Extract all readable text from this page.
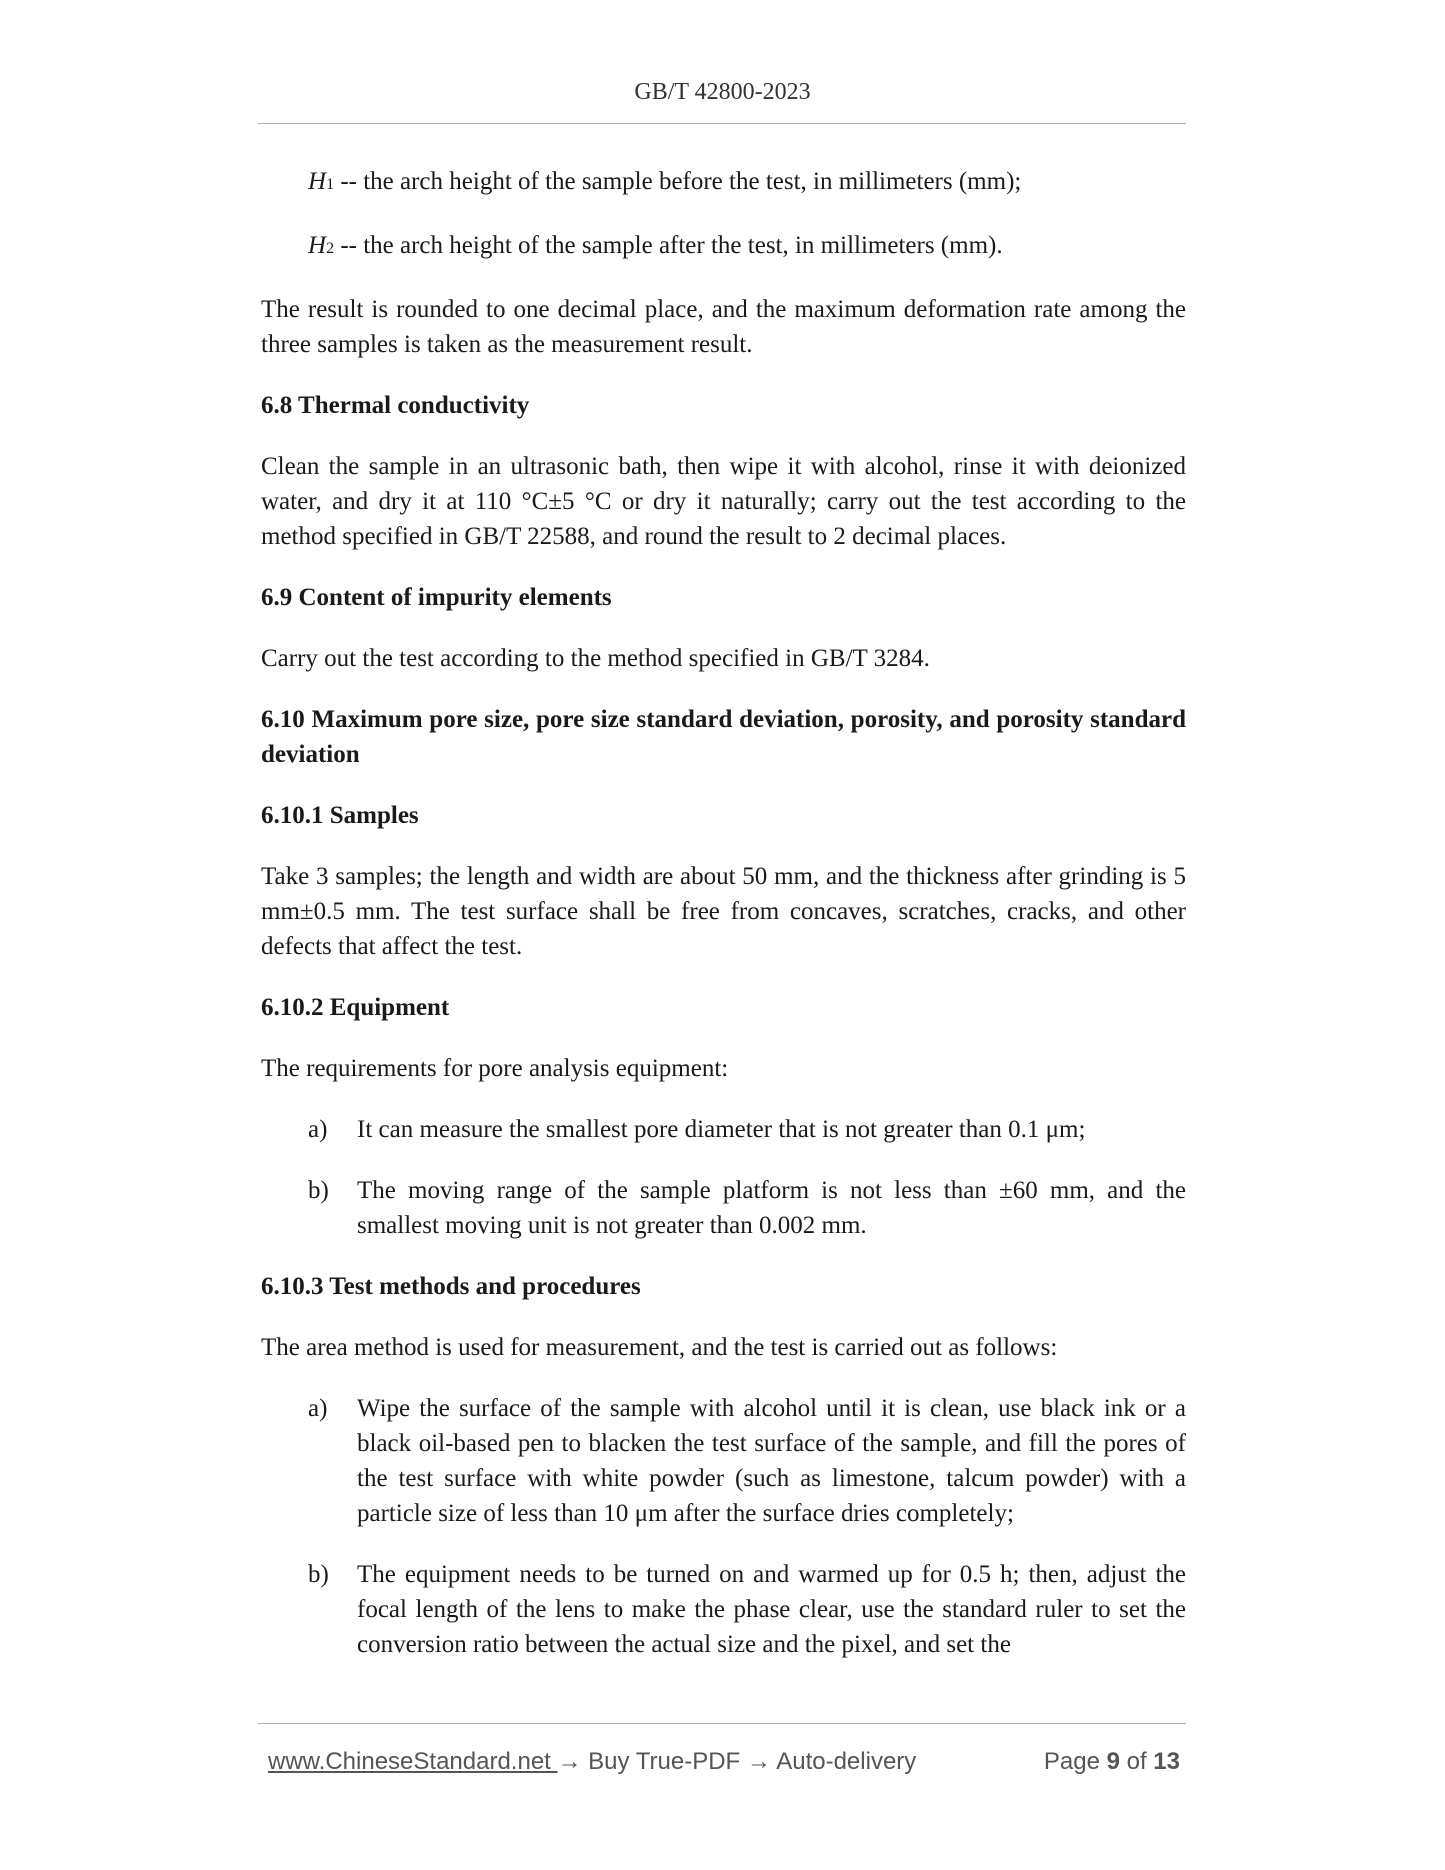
GB/T 42800-2023

H1 -- the arch height of the sample before the test, in millimeters (mm);

H2 -- the arch height of the sample after the test, in millimeters (mm).

The result is rounded to one decimal place, and the maximum deformation rate among the three samples is taken as the measurement result.

6.8 Thermal conductivity

Clean the sample in an ultrasonic bath, then wipe it with alcohol, rinse it with deionized water, and dry it at 110 °C±5 °C or dry it naturally; carry out the test according to the method specified in GB/T 22588, and round the result to 2 decimal places.

6.9 Content of impurity elements

Carry out the test according to the method specified in GB/T 3284.

6.10 Maximum pore size, pore size standard deviation, porosity, and porosity standard deviation

6.10.1 Samples

Take 3 samples; the length and width are about 50 mm, and the thickness after grinding is 5 mm±0.5 mm. The test surface shall be free from concaves, scratches, cracks, and other defects that affect the test.

6.10.2 Equipment

The requirements for pore analysis equipment:

a)	It can measure the smallest pore diameter that is not greater than 0.1 μm;
b)	The moving range of the sample platform is not less than ±60 mm, and the smallest moving unit is not greater than 0.002 mm.

6.10.3 Test methods and procedures

The area method is used for measurement, and the test is carried out as follows:

a)	Wipe the surface of the sample with alcohol until it is clean, use black ink or a black oil-based pen to blacken the test surface of the sample, and fill the pores of the test surface with white powder (such as limestone, talcum powder) with a particle size of less than 10 μm after the surface dries completely;
b)	The equipment needs to be turned on and warmed up for 0.5 h; then, adjust the focal length of the lens to make the phase clear, use the standard ruler to set the conversion ratio between the actual size and the pixel, and set the
www.ChineseStandard.net → Buy True-PDF → Auto-delivery	Page 9 of 13
